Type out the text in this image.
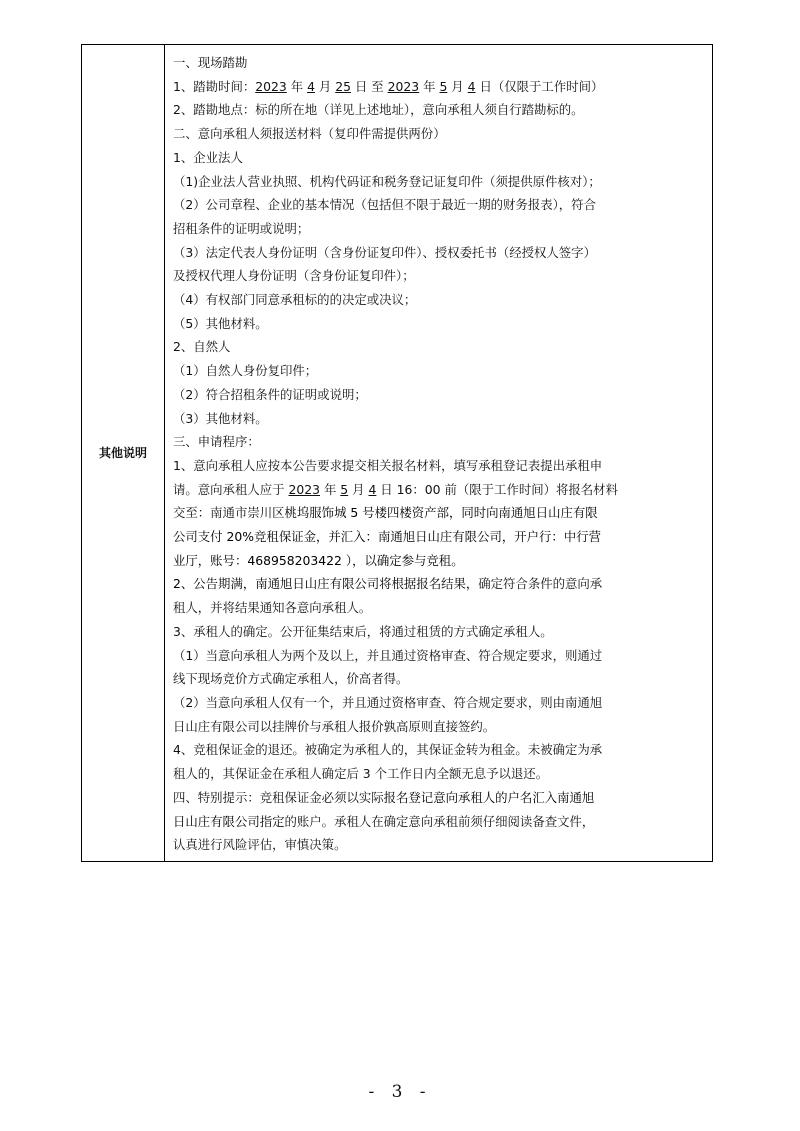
其他说明	
一、现场踏勘
1、踏勘时间：2023 年 4 月 25 日 至 2023 年 5 月 4 日（仅限于工作时间）
2、踏勘地点：标的所在地（详见上述地址），意向承租人须自行踏勘标的。
二、意向承租人须报送材料（复印件需提供两份）
1、企业法人
（1)企业法人营业执照、机构代码证和税务登记证复印件（须提供原件核对）；
（2）公司章程、企业的基本情况（包括但不限于最近一期的财务报表），符合
招租条件的证明或说明；
（3）法定代表人身份证明（含身份证复印件）、授权委托书（经授权人签字）
及授权代理人身份证明（含身份证复印件）；
（4）有权部门同意承租标的的决定或决议；
（5）其他材料。
2、自然人
（1）自然人身份复印件；
（2）符合招租条件的证明或说明；
（3）其他材料。
三、申请程序：
1、意向承租人应按本公告要求提交相关报名材料，填写承租登记表提出承租申
请。意向承租人应于 2023 年 5 月 4 日 16：00 前（限于工作时间）将报名材料
交至：南通市崇川区桃坞服饰城 5 号楼四楼资产部，同时向南通旭日山庄有限
公司支付 20%竞租保证金，并汇入：南通旭日山庄有限公司，开户行：中行营
业厅，账号：468958203422 ），以确定参与竞租。
2、公告期满，南通旭日山庄有限公司将根据报名结果，确定符合条件的意向承
租人，并将结果通知各意向承租人。
3、承租人的确定。公开征集结束后，将通过租赁的方式确定承租人。
（1）当意向承租人为两个及以上，并且通过资格审查、符合规定要求，则通过
线下现场竞价方式确定承租人，价高者得。
（2）当意向承租人仅有一个，并且通过资格审查、符合规定要求，则由南通旭
日山庄有限公司以挂牌价与承租人报价孰高原则直接签约。
4、竞租保证金的退还。被确定为承租人的，其保证金转为租金。未被确定为承
租人的，其保证金在承租人确定后 3 个工作日内全额无息予以退还。
四、特别提示：竞租保证金必须以实际报名登记意向承租人的户名汇入南通旭
日山庄有限公司指定的账户。承租人在确定意向承租前须仔细阅读备查文件，
认真进行风险评估，审慎决策。
- 3 -
